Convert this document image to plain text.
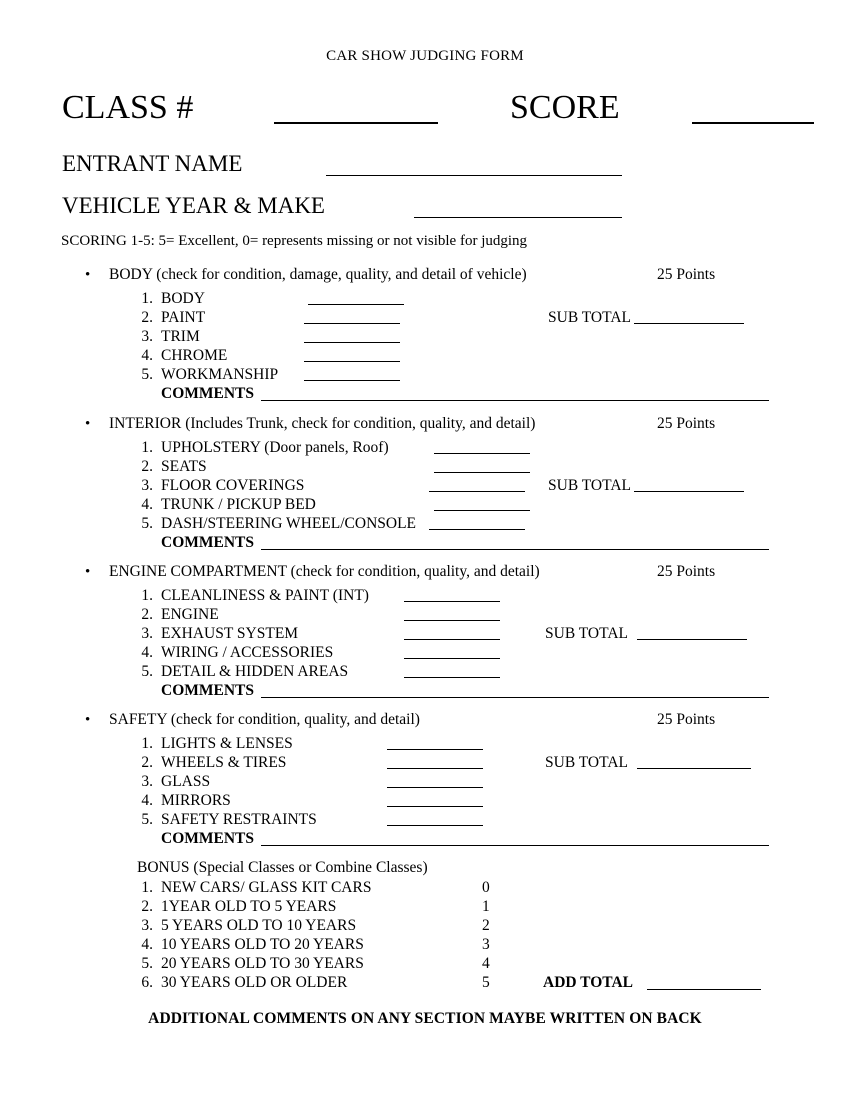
CAR SHOW JUDGING FORM
CLASS #	SCORE
ENTRANT NAME
VEHICLE YEAR & MAKE
SCORING 1-5: 5= Excellent, 0= represents missing or not visible for judging
• BODY (check for condition, damage, quality, and detail of vehicle)	25 Points
1. BODY
2. PAINT
3. TRIM
4. CHROME
5. WORKMANSHIP
SUB TOTAL
COMMENTS
• INTERIOR (Includes Trunk, check for condition, quality, and detail)	25 Points
1. UPHOLSTERY (Door panels, Roof)
2. SEATS
3. FLOOR COVERINGS
4. TRUNK / PICKUP BED
5. DASH/STEERING WHEEL/CONSOLE
SUB TOTAL
COMMENTS
• ENGINE COMPARTMENT (check for condition, quality, and detail)	25 Points
1. CLEANLINESS & PAINT (INT)
2. ENGINE
3. EXHAUST SYSTEM
4. WIRING / ACCESSORIES
5. DETAIL & HIDDEN AREAS
SUB TOTAL
COMMENTS
• SAFETY (check for condition, quality, and detail)	25 Points
1. LIGHTS & LENSES
2. WHEELS & TIRES
3. GLASS
4. MIRRORS
5. SAFETY RESTRAINTS
SUB TOTAL
COMMENTS
BONUS (Special Classes or Combine Classes)
1. NEW CARS/ GLASS KIT CARS	0
2. 1YEAR OLD TO 5 YEARS	1
3. 5 YEARS OLD TO 10 YEARS	2
4. 10 YEARS OLD TO 20 YEARS	3
5. 20 YEARS OLD TO 30 YEARS	4
6. 30 YEARS OLD OR OLDER	5	ADD TOTAL
ADDITIONAL COMMENTS ON ANY SECTION MAYBE WRITTEN ON BACK
